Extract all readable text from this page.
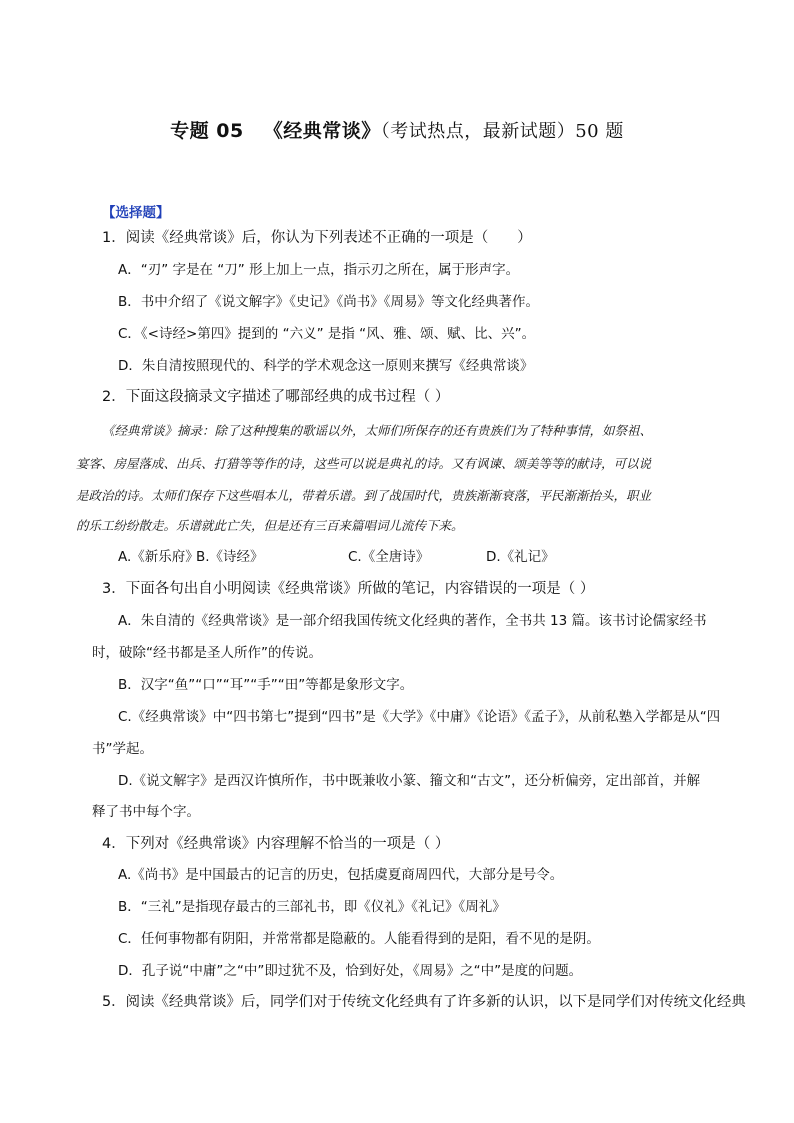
专题 05 《经典常谈》（考试热点，最新试题）50 题
【选择题】
1．阅读《经典常谈》后，你认为下列表述不正确的一项是（　　）
A．“刃” 字是在 “刀” 形上加上一点，指示刃之所在，属于形声字。
B．书中介绍了《说文解字》《史记》《尚书》《周易》等文化经典著作。
C．《<诗经>第四》提到的 “六义” 是指 “风、雅、颂、赋、比、兴”。
D．朱自清按照现代的、科学的学术观念这一原则来撰写《经典常谈》
2．下面这段摘录文字描述了哪部经典的成书过程（ ）
《经典常谈》摘录：除了这种搜集的歌谣以外，太师们所保存的还有贵族们为了特种事情，如祭祖、
宴客、房屋落成、出兵、打猎等等作的诗，这些可以说是典礼的诗。又有讽谏、颂美等等的献诗，可以说
是政治的诗。太师们保存下这些唱本儿，带着乐谱。到了战国时代，贵族渐渐衰落，平民渐渐抬头，职业
的乐工纷纷散走。乐谱就此亡失，但是还有三百来篇唱词儿流传下来。
A.《新乐府》
B.《诗经》	C.《全唐诗》	D.《礼记》
3．下面各句出自小明阅读《经典常谈》所做的笔记，内容错误的一项是（ ）
A．朱自清的《经典常谈》是一部介绍我国传统文化经典的著作，全书共 13 篇。该书讨论儒家经书
时，破除“经书都是圣人所作”的传说。
B．汉字“鱼”“口”“耳”“手”“田”等都是象形文字。
C.《经典常谈》中“四书第七”提到“四书”是《大学》《中庸》《论语》《孟子》，从前私塾入学都是从“四
书”学起。
D.《说文解字》是西汉许慎所作，书中既兼收小篆、籀文和“古文”，还分析偏旁，定出部首，并解
释了书中每个字。
4．下列对《经典常谈》内容理解不恰当的一项是（ ）
A.《尚书》是中国最古的记言的历史，包括虞夏商周四代，大部分是号令。
B．“三礼”是指现存最古的三部礼书，即《仪礼》《礼记》《周礼》
C．任何事物都有阴阳，并常常都是隐蔽的。人能看得到的是阳，看不见的是阴。
D．孔子说“中庸”之“中”即过犹不及，恰到好处，《周易》之“中”是度的问题。
5．阅读《经典常谈》后，同学们对于传统文化经典有了许多新的认识，以下是同学们对传统文化经典
